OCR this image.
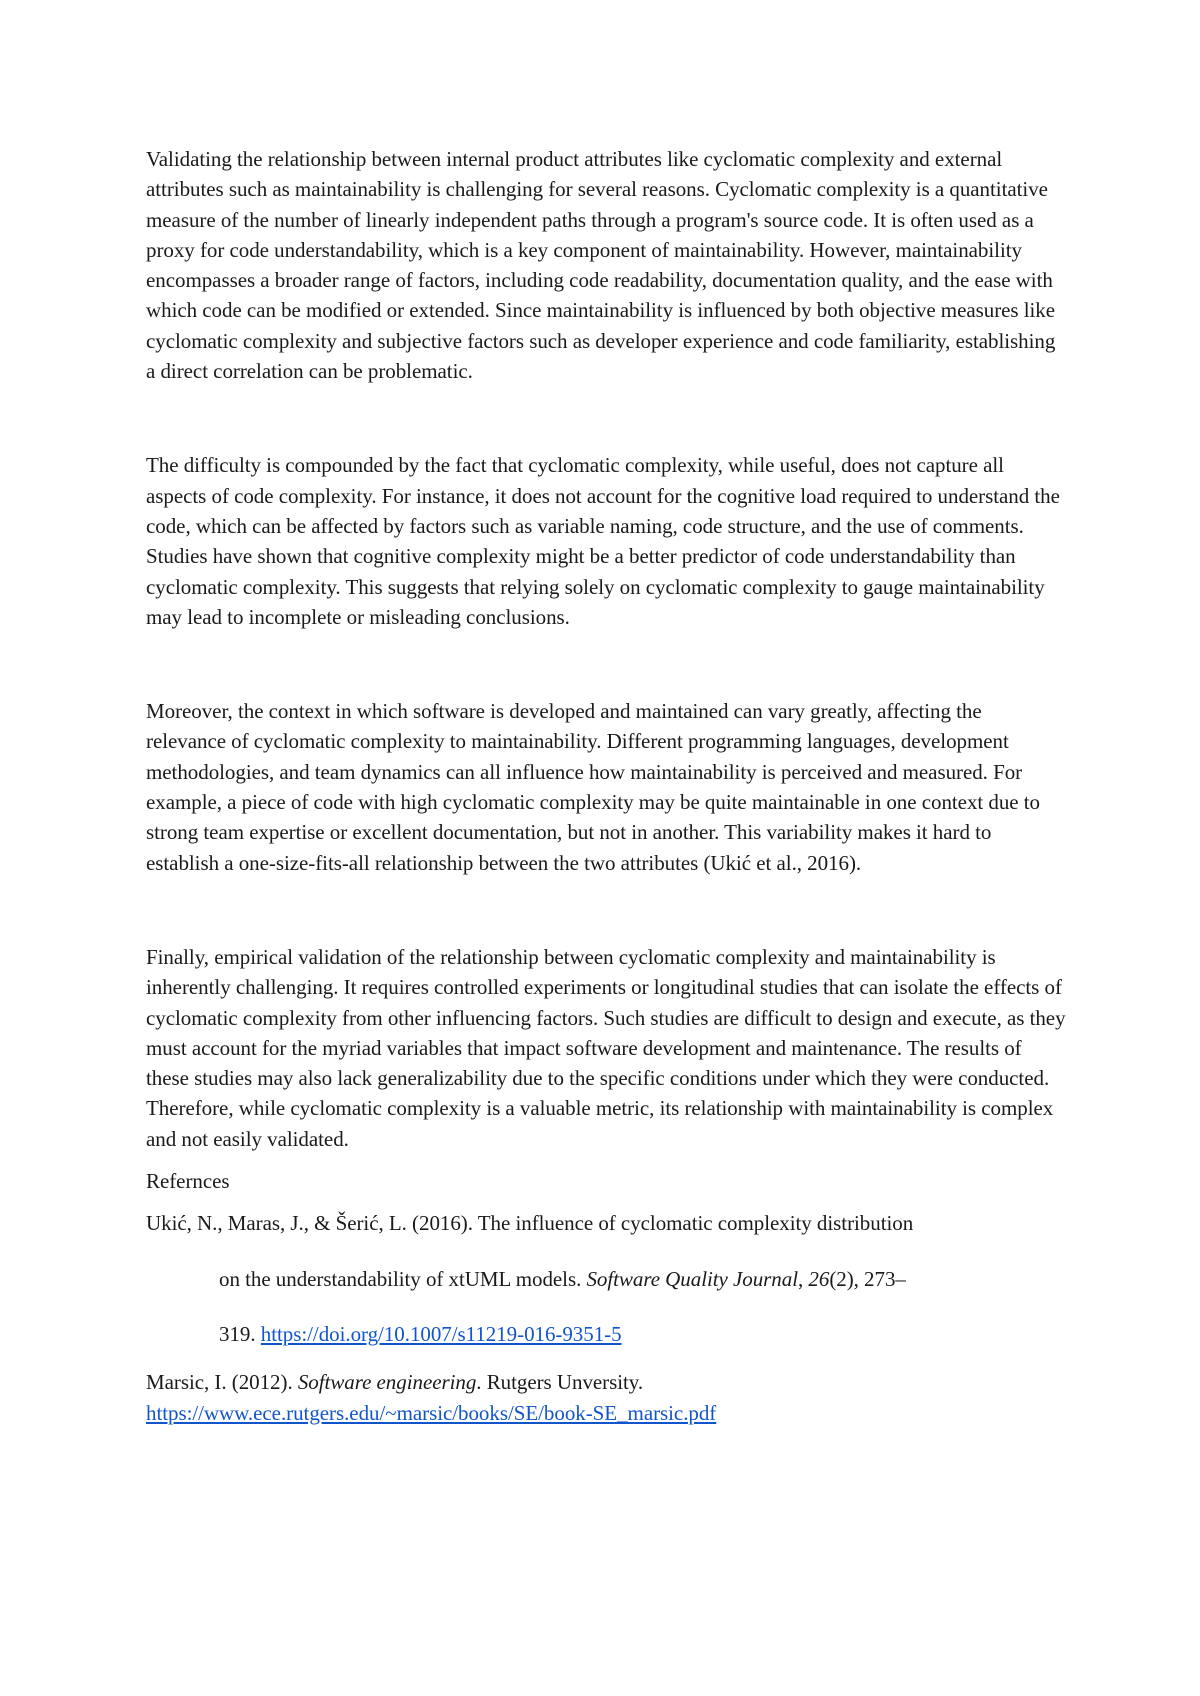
Validating the relationship between internal product attributes like cyclomatic complexity and external attributes such as maintainability is challenging for several reasons. Cyclomatic complexity is a quantitative measure of the number of linearly independent paths through a program's source code. It is often used as a proxy for code understandability, which is a key component of maintainability. However, maintainability encompasses a broader range of factors, including code readability, documentation quality, and the ease with which code can be modified or extended. Since maintainability is influenced by both objective measures like cyclomatic complexity and subjective factors such as developer experience and code familiarity, establishing a direct correlation can be problematic.

The difficulty is compounded by the fact that cyclomatic complexity, while useful, does not capture all aspects of code complexity. For instance, it does not account for the cognitive load required to understand the code, which can be affected by factors such as variable naming, code structure, and the use of comments. Studies have shown that cognitive complexity might be a better predictor of code understandability than cyclomatic complexity. This suggests that relying solely on cyclomatic complexity to gauge maintainability may lead to incomplete or misleading conclusions.

Moreover, the context in which software is developed and maintained can vary greatly, affecting the relevance of cyclomatic complexity to maintainability. Different programming languages, development methodologies, and team dynamics can all influence how maintainability is perceived and measured. For example, a piece of code with high cyclomatic complexity may be quite maintainable in one context due to strong team expertise or excellent documentation, but not in another. This variability makes it hard to establish a one-size-fits-all relationship between the two attributes (Ukić et al., 2016).

Finally, empirical validation of the relationship between cyclomatic complexity and maintainability is inherently challenging. It requires controlled experiments or longitudinal studies that can isolate the effects of cyclomatic complexity from other influencing factors. Such studies are difficult to design and execute, as they must account for the myriad variables that impact software development and maintenance. The results of these studies may also lack generalizability due to the specific conditions under which they were conducted. Therefore, while cyclomatic complexity is a valuable metric, its relationship with maintainability is complex and not easily validated.

Refernces

Ukić, N., Maras, J., & Šerić, L. (2016). The influence of cyclomatic complexity distribution
on the understandability of xtUML models. Software Quality Journal, 26(2), 273–
319. https://doi.org/10.1007/s11219-016-9351-5
Marsic, I. (2012). Software engineering. Rutgers Unversity.
https://www.ece.rutgers.edu/~marsic/books/SE/book-SE_marsic.pdf
